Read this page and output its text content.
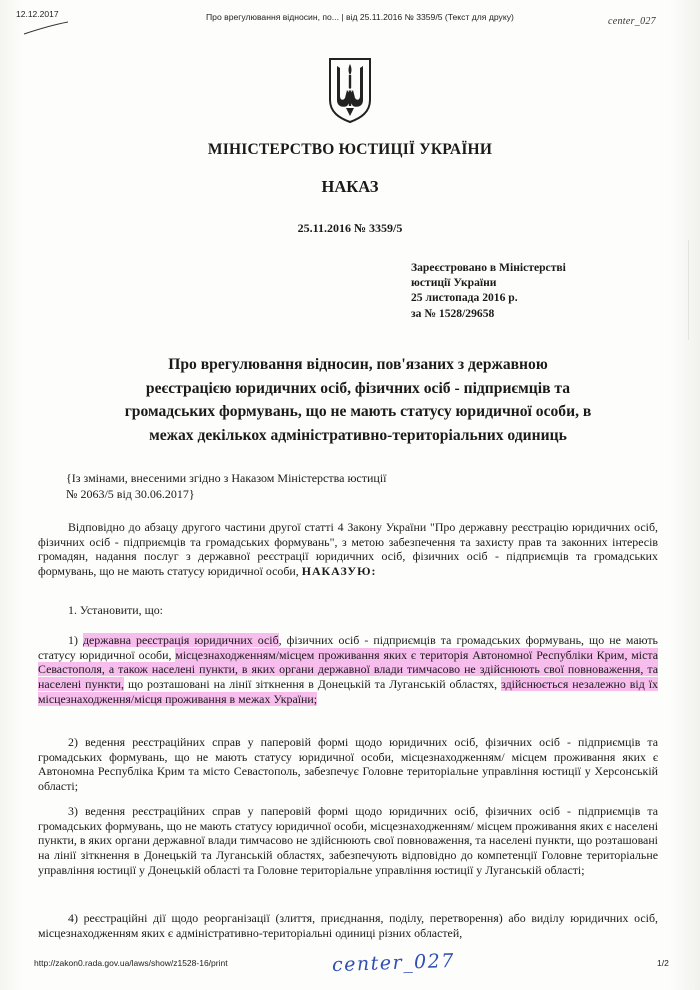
12.12.2017	Про врегулювання відносин, по... | від 25.11.2016 № 3359/5 (Текст для друку)	center_027
МІНІСТЕРСТВО ЮСТИЦІЇ УКРАЇНИ
НАКАЗ
25.11.2016 № 3359/5
Зареєстровано в Міністерстві
юстиції України
25 листопада 2016 р.
за № 1528/29658
Про врегулювання відносин, пов'язаних з державною
реєстрацією юридичних осіб, фізичних осіб - підприємців та
громадських формувань, що не мають статусу юридичної особи, в
межах декількох адміністративно-територіальних одиниць
{Із змінами, внесеними згідно з Наказом Міністерства юстиції
№ 2063/5 від 30.06.2017}

Відповідно до абзацу другого частини другої статті 4 Закону України "Про державну реєстрацію юридичних осіб, фізичних осіб - підприємців та громадських формувань", з метою забезпечення та захисту прав та законних інтересів громадян, надання послуг з державної реєстрації юридичних осіб, фізичних осіб - підприємців та громадських формувань, що не мають статусу юридичної особи, НАКАЗУЮ:

1. Установити, що:

1) державна реєстрація юридичних осіб, фізичних осіб - підприємців та громадських формувань, що не мають статусу юридичної особи, місцезнаходженням/місцем проживання яких є територія Автономної Республіки Крим, міста Севастополя, а також населені пункти, в яких органи державної влади тимчасово не здійснюють свої повноваження, та населені пункти, що розташовані на лінії зіткнення в Донецькій та Луганській областях, здійснюється незалежно від їх місцезнаходження/місця проживання в межах України;

2) ведення реєстраційних справ у паперовій формі щодо юридичних осіб, фізичних осіб - підприємців та громадських формувань, що не мають статусу юридичної особи, місцезнаходженням/ місцем проживання яких є Автономна Республіка Крим та місто Севастополь, забезпечує Головне територіальне управління юстиції у Херсонській області;

3) ведення реєстраційних справ у паперовій формі щодо юридичних осіб, фізичних осіб - підприємців та громадських формувань, що не мають статусу юридичної особи, місцезнаходженням/ місцем проживання яких є населені пункти, в яких органи державної влади тимчасово не здійснюють свої повноваження, та населені пункти, що розташовані на лінії зіткнення в Донецькій та Луганській областях, забезпечують відповідно до компетенції Головне територіальне управління юстиції у Донецькій області та Головне територіальне управління юстиції у Луганській області;

4) реєстраційні дії щодо реорганізації (злиття, приєднання, поділу, перетворення) або виділу юридичних осіб, місцезнаходженням яких є адміністративно-територіальні одиниці різних областей,

http://zakon0.rada.gov.ua/laws/show/z1528-16/print	center_027	1/2
